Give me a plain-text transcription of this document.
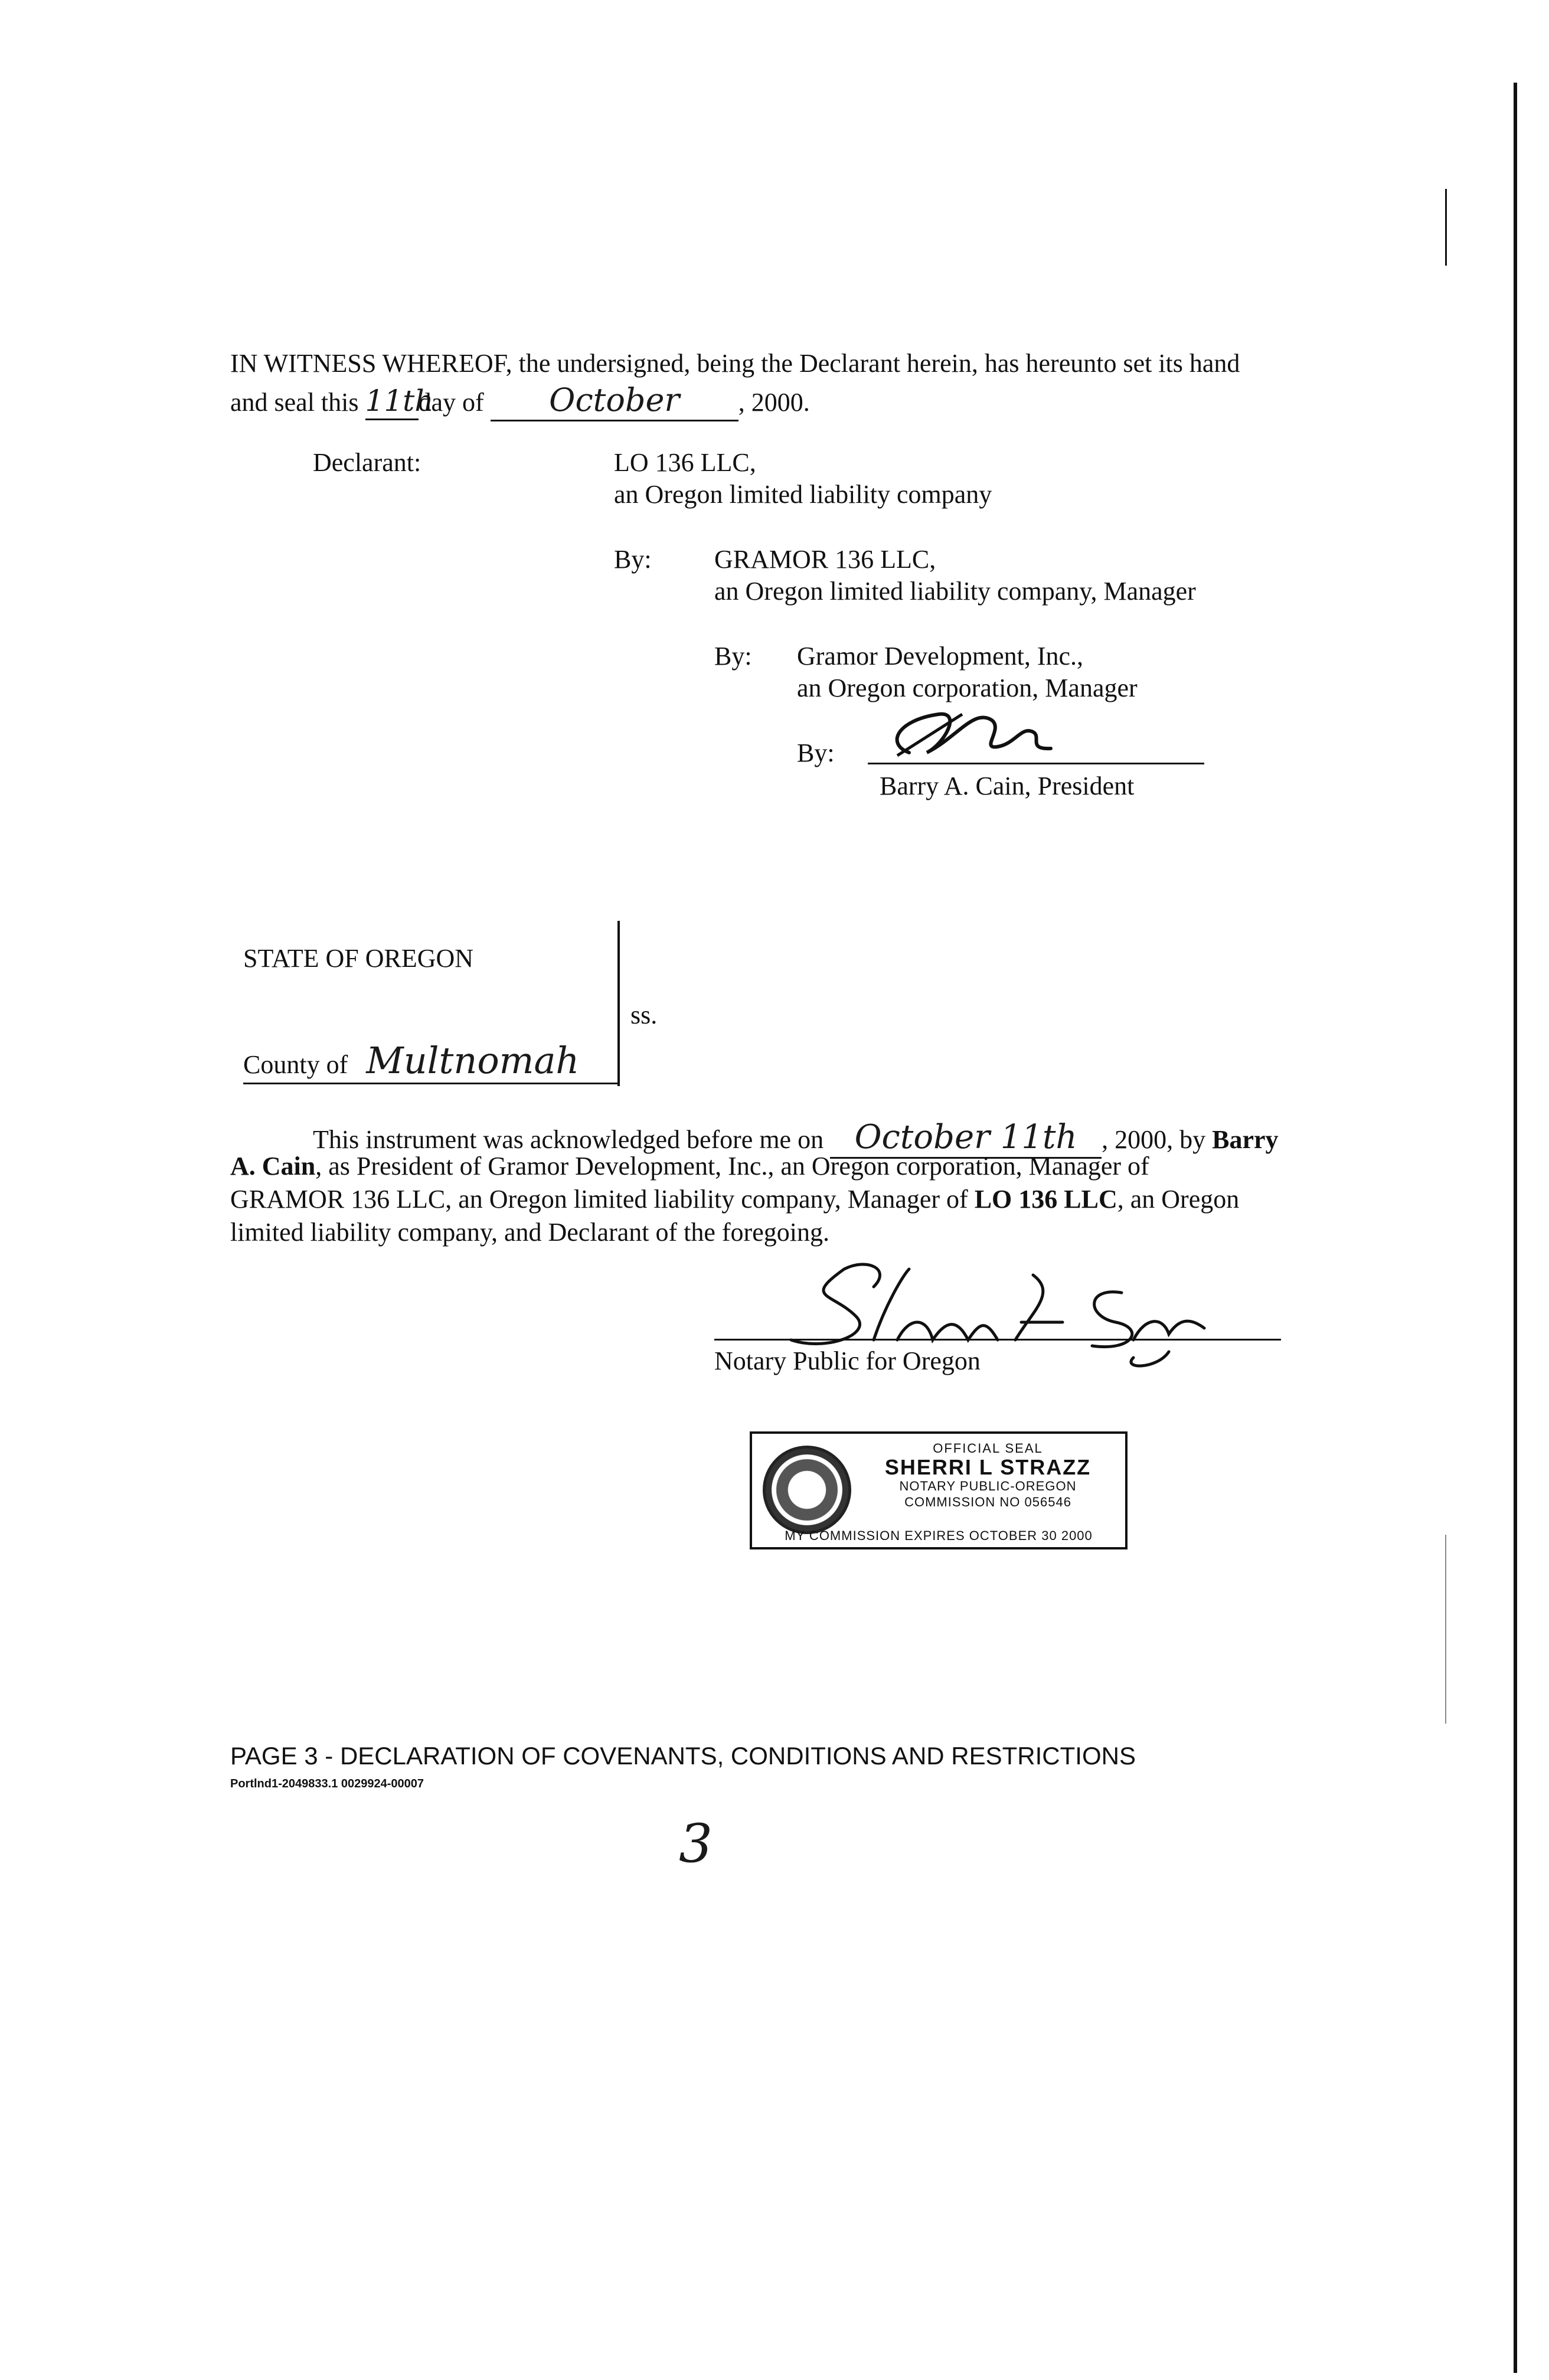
IN WITNESS WHEREOF, the undersigned, being the Declarant herein, has hereunto set its hand
and seal this 11thday of October , 2000.
Declarant:	LO 136 LLC,
an Oregon limited liability company
By: GRAMOR 136 LLC,
an Oregon limited liability company, Manager
By: Gramor Development, Inc.,
an Oregon corporation, Manager
By:
Barry A. Cain, President
STATE OF OREGON
ss.
County of Multnomah
This instrument was acknowledged before me on October 11th , 2000, by Barry
A. Cain, as President of Gramor Development, Inc., an Oregon corporation, Manager of
GRAMOR 136 LLC, an Oregon limited liability company, Manager of LO 136 LLC, an Oregon
limited liability company, and Declarant of the foregoing.
Notary Public for Oregon
OFFICIAL SEAL
SHERRI L STRAZZ
NOTARY PUBLIC-OREGON
COMMISSION NO 056546
MY COMMISSION EXPIRES OCTOBER 30 2000
PAGE 3 - DECLARATION OF COVENANTS, CONDITIONS AND RESTRICTIONS
Portlnd1-2049833.1 0029924-00007
3
